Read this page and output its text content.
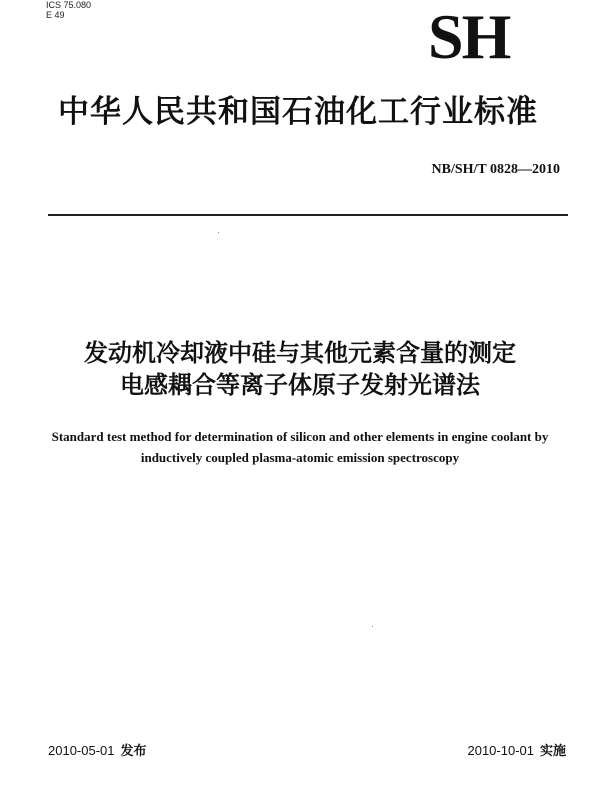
ICS 75.080
E 49	SH
中华人民共和国石油化工行业标准
NB/SH/T 0828—2010
发动机冷却液中硅与其他元素含量的测定
电感耦合等离子体原子发射光谱法
Standard test method for determination of silicon and other elements in engine coolant by inductively coupled plasma-atomic emission spectroscopy
2010-05-01 发布	2010-10-01 实施
